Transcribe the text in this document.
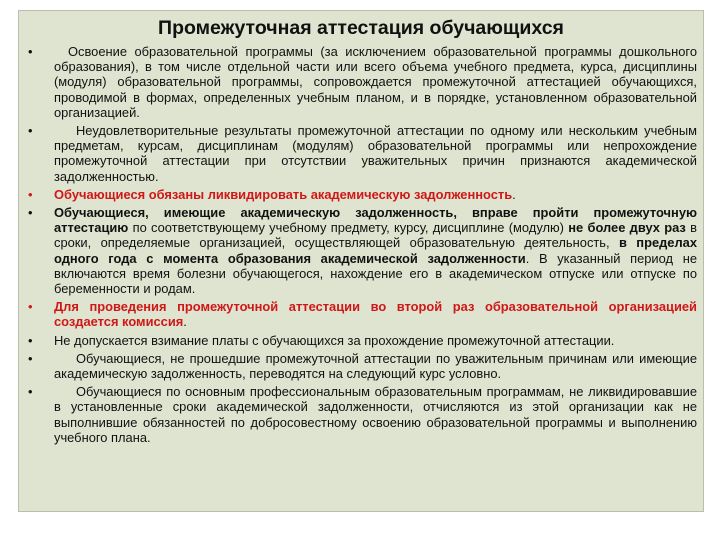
Промежуточная аттестация обучающихся
• Освоение образовательной программы (за исключением образовательной программы дошкольного образования), в том числе отдельной части или всего объема учебного предмета, курса, дисциплины (модуля) образовательной программы, сопровождается промежуточной аттестацией обучающихся, проводимой в формах, определенных учебным планом, и в порядке, установленном образовательной организацией.
• Неудовлетворительные результаты промежуточной аттестации по одному или нескольким учебным предметам, курсам, дисциплинам (модулям) образовательной программы или непрохождение промежуточной аттестации при отсутствии уважительных причин признаются академической задолженностью.
• Обучающиеся обязаны ликвидировать академическую задолженность.
• Обучающиеся, имеющие академическую задолженность, вправе пройти промежуточную аттестацию по соответствующему учебному предмету, курсу, дисциплине (модулю) не более двух раз в сроки, определяемые организацией, осуществляющей образовательную деятельность, в пределах одного года с момента образования академической задолженности. В указанный период не включаются время болезни обучающегося, нахождение его в академическом отпуске или отпуске по беременности и родам.
• Для проведения промежуточной аттестации во второй раз образовательной организацией создается комиссия.
• Не допускается взимание платы с обучающихся за прохождение промежуточной аттестации.
• Обучающиеся, не прошедшие промежуточной аттестации по уважительным причинам или имеющие академическую задолженность, переводятся на следующий курс условно.
• Обучающиеся по основным профессиональным образовательным программам, не ликвидировавшие в установленные сроки академической задолженности, отчисляются из этой организации как не выполнившие обязанностей по добросовестному освоению образовательной программы и выполнению учебного плана.
